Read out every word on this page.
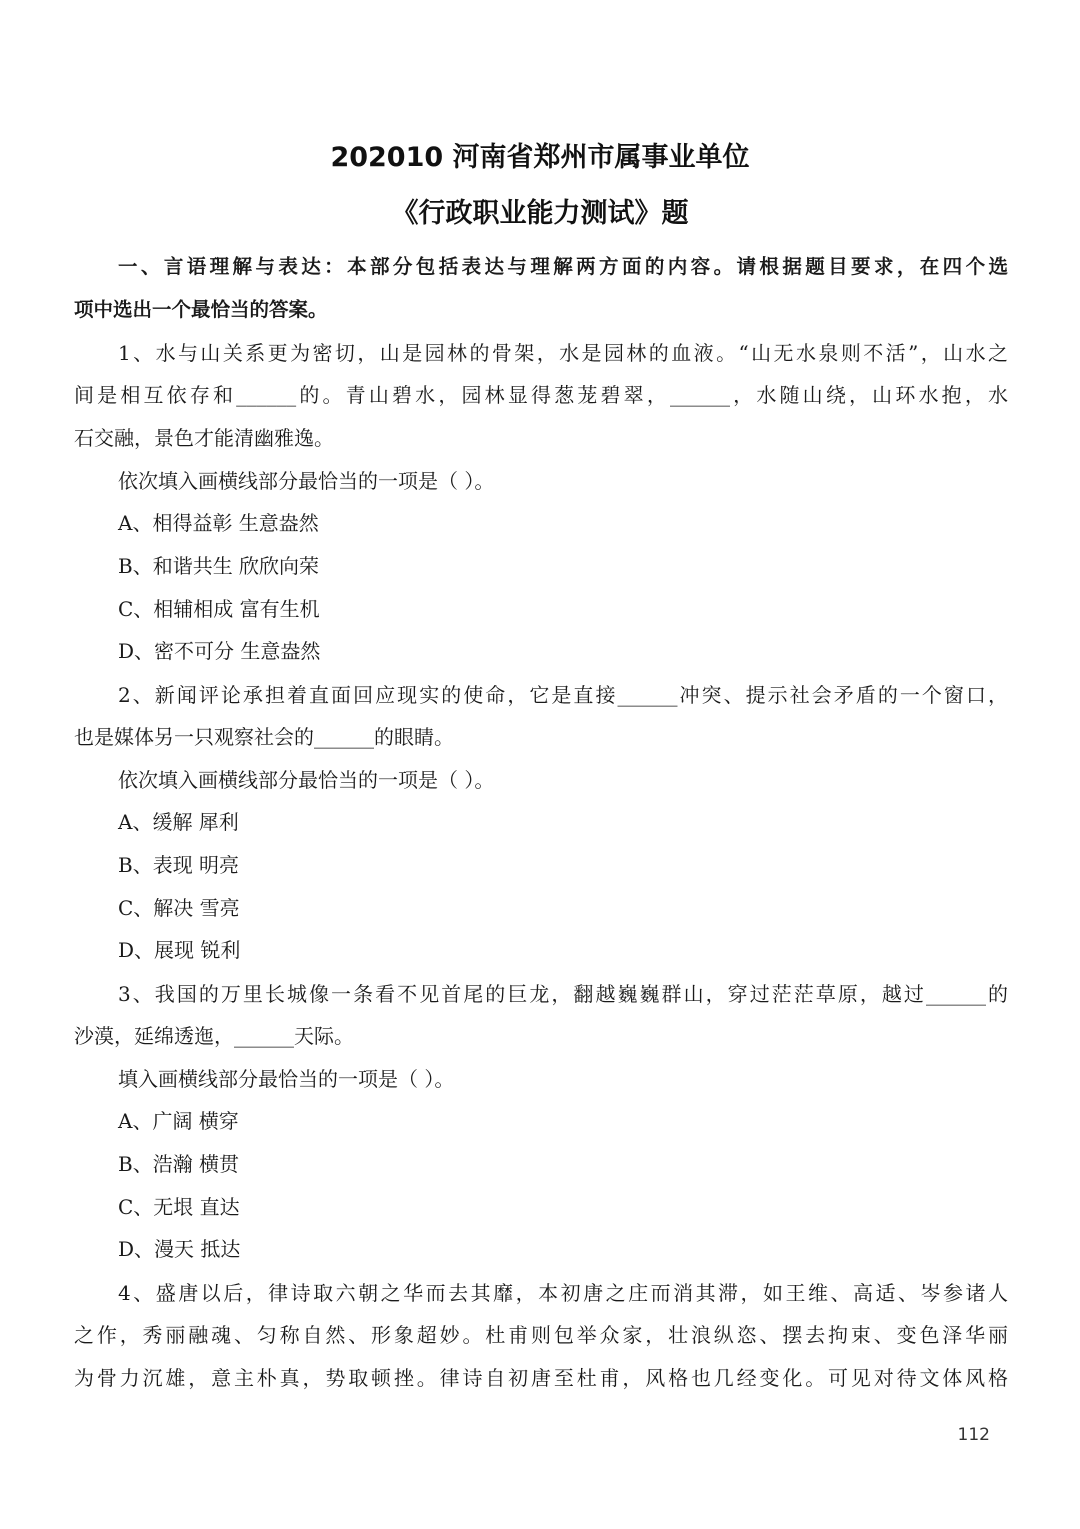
202010 河南省郑州市属事业单位
《行政职业能力测试》题
一、言语理解与表达：本部分包括表达与理解两方面的内容。请根据题目要求，在四个选
项中选出一个最恰当的答案。
1、水与山关系更为密切，山是园林的骨架，水是园林的血液。“山无水泉则不活”，山水之
间是相互依存和______的。青山碧水，园林显得葱茏碧翠，______，水随山绕，山环水抱，水
石交融，景色才能清幽雅逸。
依次填入画横线部分最恰当的一项是（ ）。
A、相得益彰 生意盎然
B、和谐共生 欣欣向荣
C、相辅相成 富有生机
D、密不可分 生意盎然
2、新闻评论承担着直面回应现实的使命，它是直接______冲突、提示社会矛盾的一个窗口，
也是媒体另一只观察社会的______的眼睛。
依次填入画横线部分最恰当的一项是（ ）。
A、缓解 犀利
B、表现 明亮
C、解决 雪亮
D、展现 锐利
3、我国的万里长城像一条看不见首尾的巨龙，翻越巍巍群山，穿过茫茫草原，越过______的
沙漠，延绵透迤，______天际。
填入画横线部分最恰当的一项是（ ）。
A、广阔 横穿
B、浩瀚 横贯
C、无垠 直达
D、漫天 抵达
4、盛唐以后，律诗取六朝之华而去其靡，本初唐之庄而消其滞，如王维、高适、岑参诸人
之作，秀丽融魂、匀称自然、形象超妙。杜甫则包举众家，壮浪纵恣、摆去拘束、变色泽华丽
为骨力沉雄，意主朴真，势取顿挫。律诗自初唐至杜甫，风格也几经变化。可见对待文体风格
112
